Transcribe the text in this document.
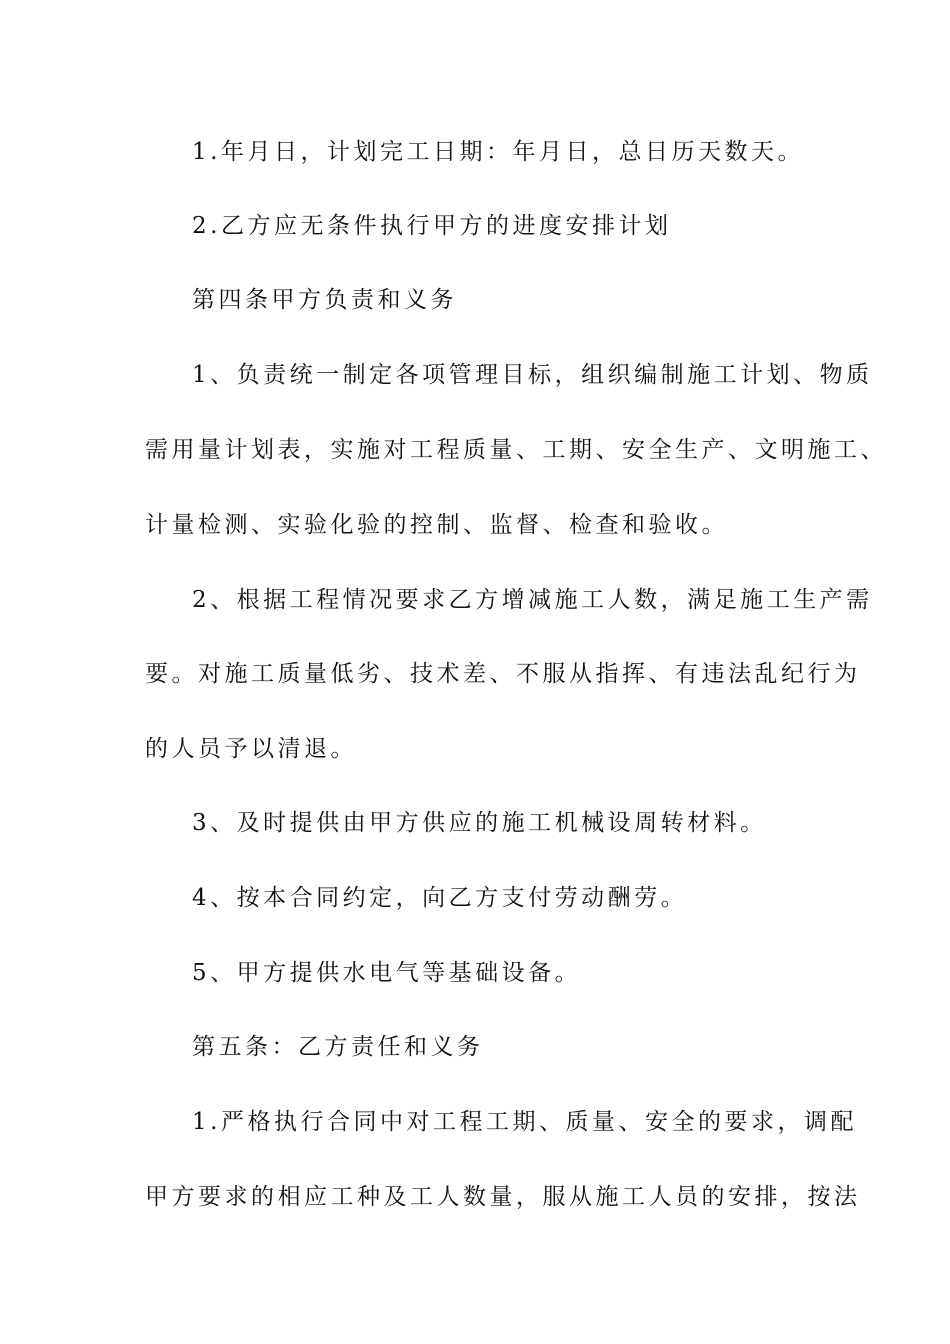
1.年月日，计划完工日期：年月日，总日历天数天。
2.乙方应无条件执行甲方的进度安排计划
第四条甲方负责和义务
1、负责统一制定各项管理目标，组织编制施工计划、物质
需用量计划表，实施对工程质量、工期、安全生产、文明施工、
计量检测、实验化验的控制、监督、检查和验收。
2、根据工程情况要求乙方增减施工人数，满足施工生产需
要。对施工质量低劣、技术差、不服从指挥、有违法乱纪行为
的人员予以清退。
3、及时提供由甲方供应的施工机械设周转材料。
4、按本合同约定，向乙方支付劳动酬劳。
5、甲方提供水电气等基础设备。
第五条：乙方责任和义务
1.严格执行合同中对工程工期、质量、安全的要求，调配
甲方要求的相应工种及工人数量，服从施工人员的安排，按法
